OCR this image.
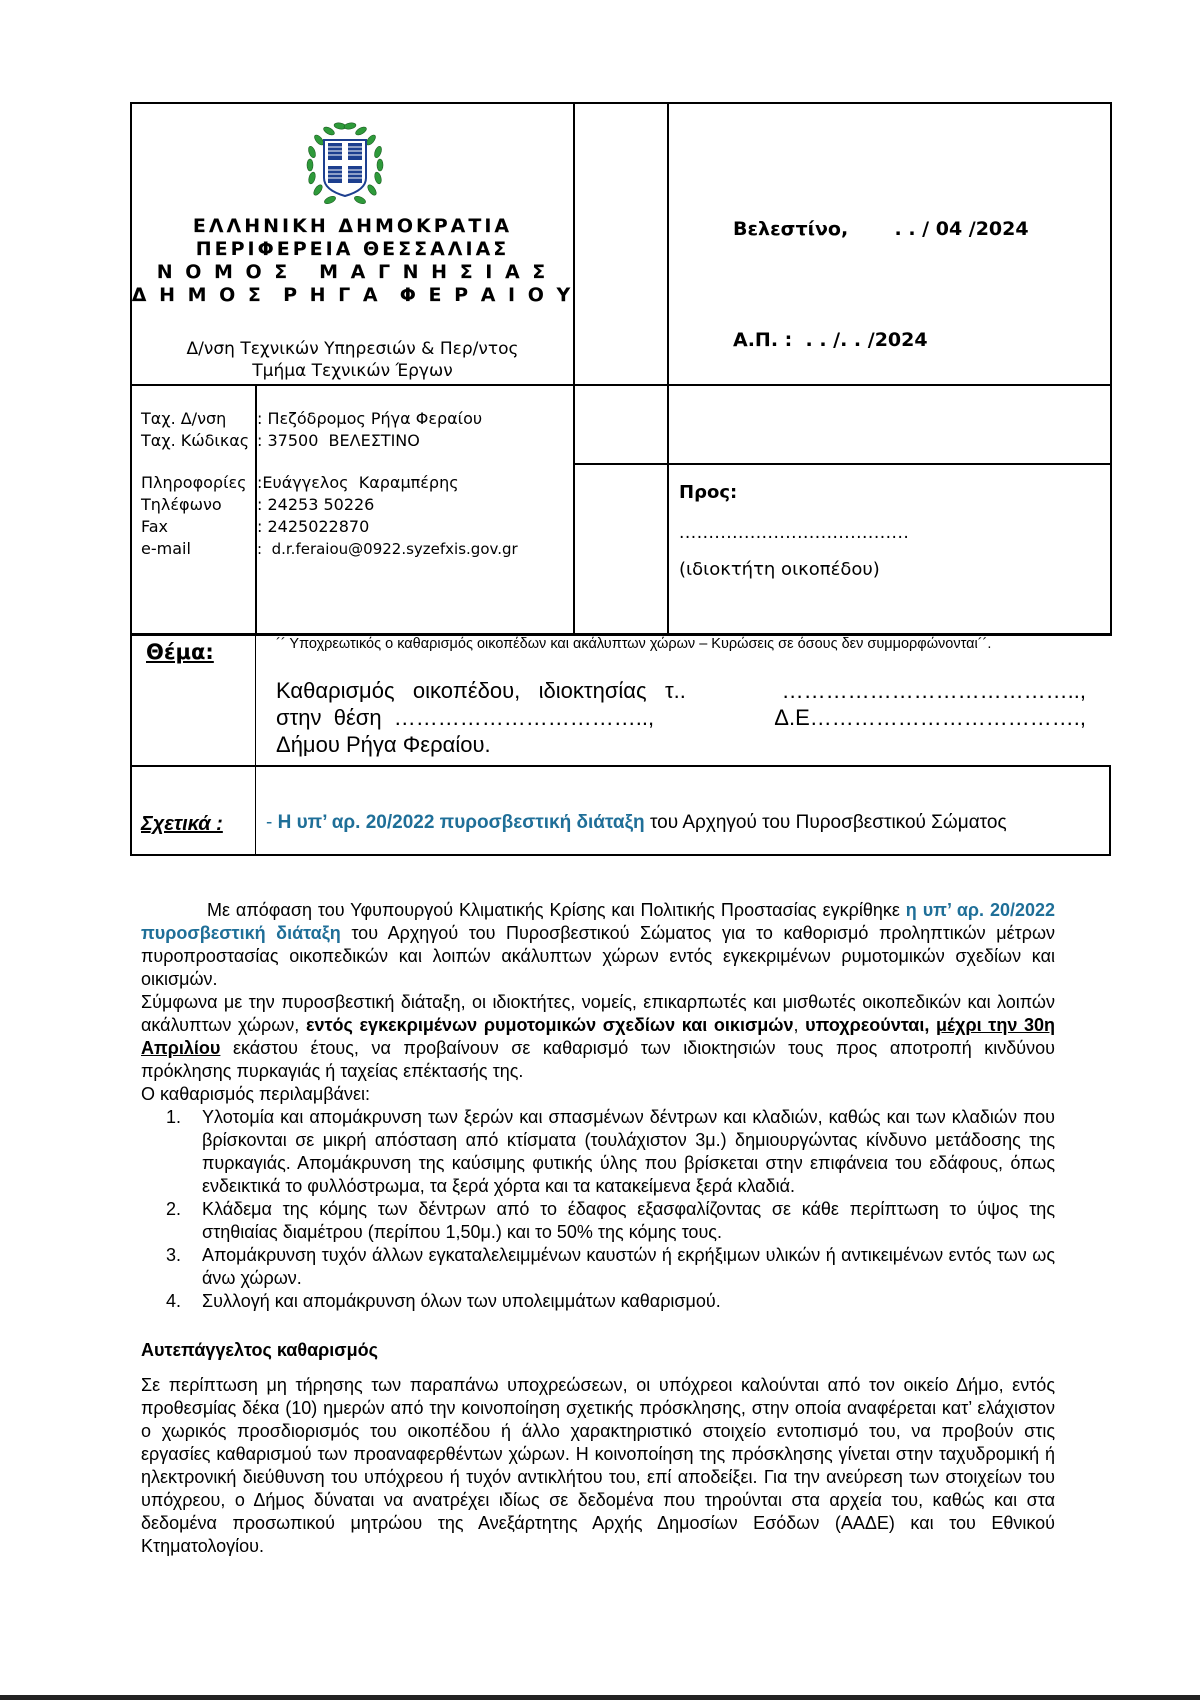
ΕΛΛΗΝΙΚΗ ΔΗΜΟΚΡΑΤΙΑ
ΠΕΡΙΦΕΡΕΙΑ ΘΕΣΣΑΛΙΑΣ
Ν Ο Μ Ο Σ   Μ Α Γ Ν Η Σ Ι Α Σ
Δ Η Μ Ο Σ  Ρ Η Γ Α  Φ Ε Ρ Α Ι Ο Υ
Δ/νση Τεχνικών Υπηρεσιών & Περ/ντος
Τμήμα Τεχνικών Έργων

Βελεστίνο,       . . / 04 /2024

Α.Π. :  . . /. . /2024

Ταχ. Δ/νση	: Πεζόδρομος Ρήγα Φεραίου
Ταχ. Κώδικας : 37500  ΒΕΛΕΣΤΙΝΟ
Πληροφορίες :Ευάγγελος  Καραμπέρης
Τηλέφωνο	: 24253 50226
Fax	: 2425022870
e-mail	:  d.r.feraiou@0922.syzefxis.gov.gr
Προς:
.......................................
(ιδιοκτήτη οικοπέδου)
Θέμα:	´´ Υποχρεωτικός ο καθαρισμός οικοπέδων και ακάλυπτων χώρων – Κυρώσεις σε όσους δεν συμμορφώνονται´´.
Καθαρισμός   οικοπέδου,   ιδιοκτησίας   τ..	…………………………………..,
στην  θέση  ……………………………..,	Δ.Ε……………………………….,
Δήμου Ρήγα Φεραίου.
Σχετικά : - Η υπ’ αρ. 20/2022 πυροσβεστική διάταξη του Αρχηγού του Πυροσβεστικού Σώματος

Με απόφαση του Υφυπουργού Κλιματικής Κρίσης και Πολιτικής Προστασίας εγκρίθηκε η υπ’ αρ. 20/2022 πυροσβεστική διάταξη του Αρχηγού του Πυροσβεστικού Σώματος για το καθορισμό προληπτικών μέτρων πυροπροστασίας οικοπεδικών και λοιπών ακάλυπτων χώρων εντός εγκεκριμένων ρυμοτομικών σχεδίων και οικισμών.

Σύμφωνα με την πυροσβεστική διάταξη, οι ιδιοκτήτες, νομείς, επικαρπωτές και μισθωτές οικοπεδικών και λοιπών ακάλυπτων χώρων, εντός εγκεκριμένων ρυμοτομικών σχεδίων και οικισμών, υποχρεούνται, μέχρι την 30η Απριλίου εκάστου έτους, να προβαίνουν σε καθαρισμό των ιδιοκτησιών τους προς αποτροπή κινδύνου πρόκλησης πυρκαγιάς ή ταχείας επέκτασής της.

Ο καθαρισμός περιλαμβάνει:

1. Υλοτομία και απομάκρυνση των ξερών και σπασμένων δέντρων και κλαδιών, καθώς και των κλαδιών που βρίσκονται σε μικρή απόσταση από κτίσματα (τουλάχιστον 3μ.) δημιουργώντας κίνδυνο μετάδοσης της πυρκαγιάς. Απομάκρυνση της καύσιμης φυτικής ύλης που βρίσκεται στην επιφάνεια του εδάφους, όπως ενδεικτικά το φυλλόστρωμα, τα ξερά χόρτα και τα κατακείμενα ξερά κλαδιά.
2. Κλάδεμα της κόμης των δέντρων από το έδαφος εξασφαλίζοντας σε κάθε περίπτωση το ύψος της στηθιαίας διαμέτρου (περίπου 1,50μ.) και το 50% της κόμης τους.
3. Απομάκρυνση τυχόν άλλων εγκαταλελειμμένων καυστών ή εκρήξιμων υλικών ή αντικειμένων εντός των ως άνω χώρων.
4. Συλλογή και απομάκρυνση όλων των υπολειμμάτων καθαρισμού.

Αυτεπάγγελτος καθαρισμός

Σε περίπτωση μη τήρησης των παραπάνω υποχρεώσεων, οι υπόχρεοι καλούνται από τον οικείο Δήμο, εντός προθεσμίας δέκα (10) ημερών από την κοινοποίηση σχετικής πρόσκλησης, στην οποία αναφέρεται κατ’ ελάχιστον ο χωρικός προσδιορισμός του οικοπέδου ή άλλο χαρακτηριστικό στοιχείο εντοπισμό του, να προβούν στις εργασίες καθαρισμού των προαναφερθέντων χώρων. Η κοινοποίηση της πρόσκλησης γίνεται στην ταχυδρομική ή ηλεκτρονική διεύθυνση του υπόχρεου ή τυχόν αντικλήτου του, επί αποδείξει. Για την ανεύρεση των στοιχείων του υπόχρεου, ο Δήμος δύναται να ανατρέχει ιδίως σε δεδομένα που τηρούνται στα αρχεία του, καθώς και στα δεδομένα προσωπικού μητρώου της Ανεξάρτητης Αρχής Δημοσίων Εσόδων (ΑΑΔΕ) και του Εθνικού Κτηματολογίου.
